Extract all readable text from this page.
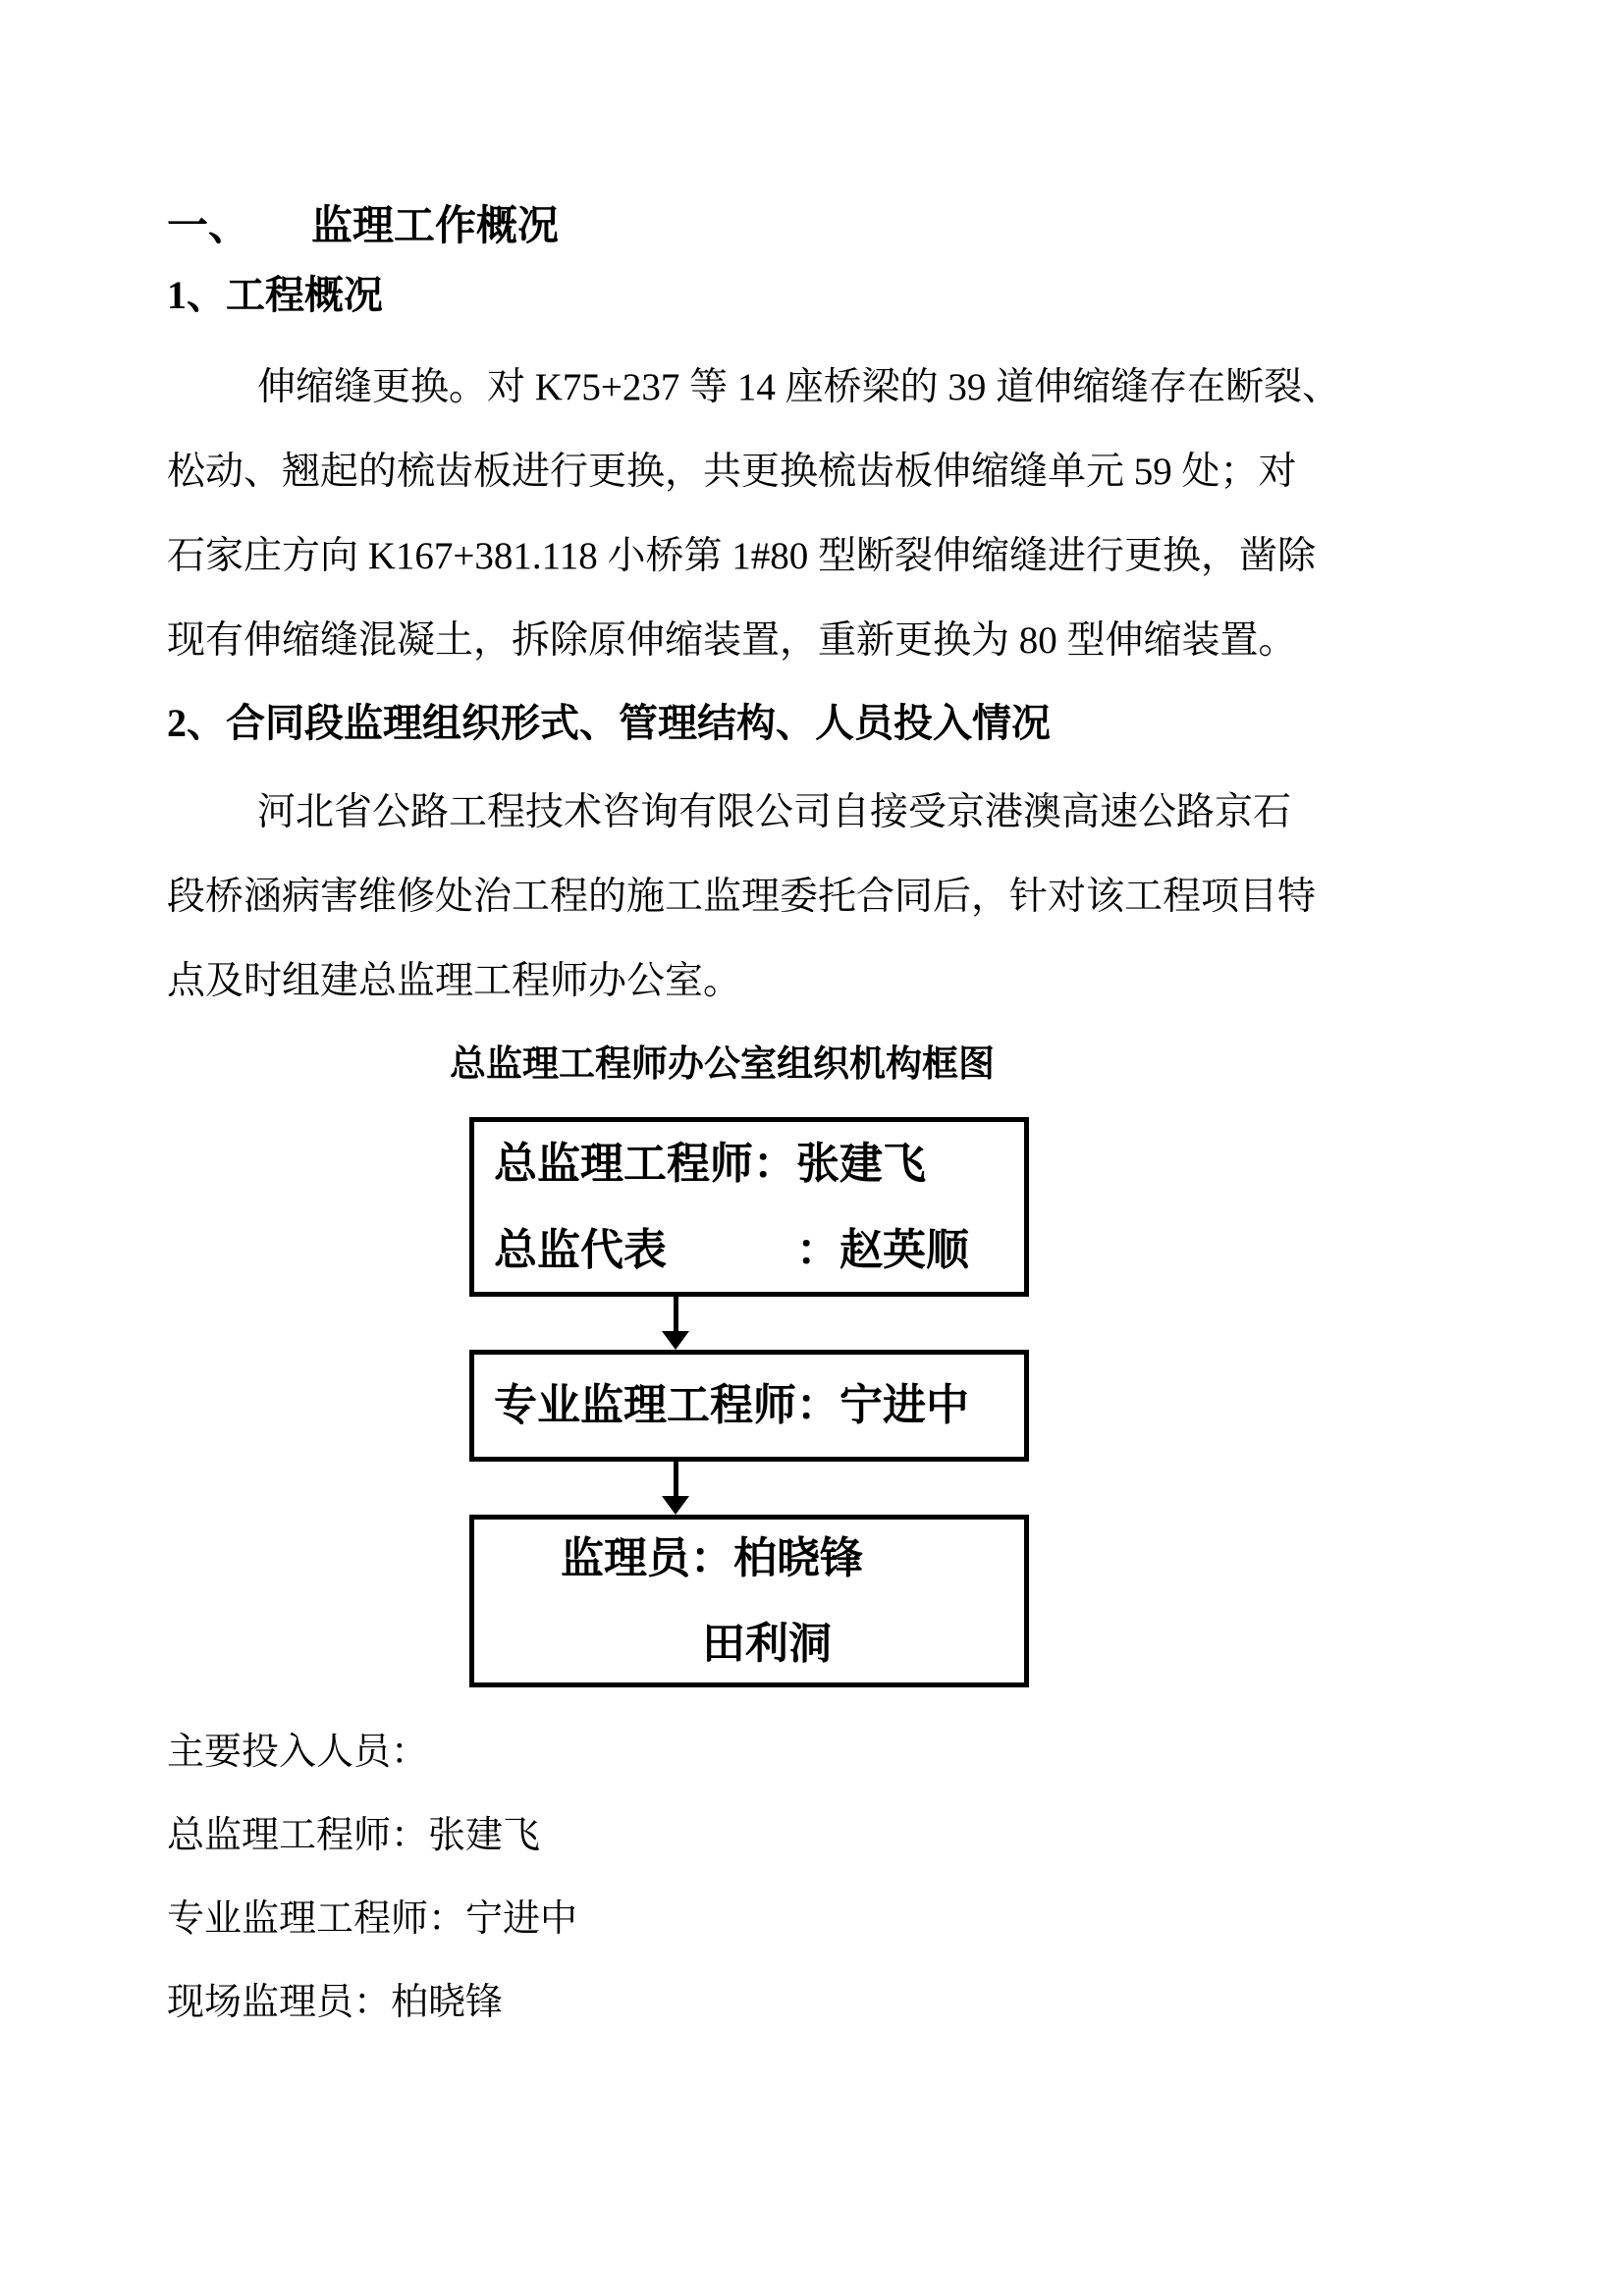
一、　　监理工作概况
1、工程概况
伸缩缝更换。对 K75+237 等 14 座桥梁的 39 道伸缩缝存在断裂、
松动、翘起的梳齿板进行更换，共更换梳齿板伸缩缝单元 59 处；对
石家庄方向 K167+381.118 小桥第 1#80 型断裂伸缩缝进行更换，凿除
现有伸缩缝混凝土，拆除原伸缩装置，重新更换为 80 型伸缩装置。
2、合同段监理组织形式、管理结构、人员投入情况
河北省公路工程技术咨询有限公司自接受京港澳高速公路京石
段桥涵病害维修处治工程的施工监理委托合同后，针对该工程项目特
点及时组建总监理工程师办公室。
总监理工程师办公室组织机构框图
总监理工程师：张建飞
总监代表　　　：赵英顺
专业监理工程师：宁进中
监理员：柏晓锋
田利洞
主要投入人员：
总监理工程师：张建飞
专业监理工程师：宁进中
现场监理员：柏晓锋
